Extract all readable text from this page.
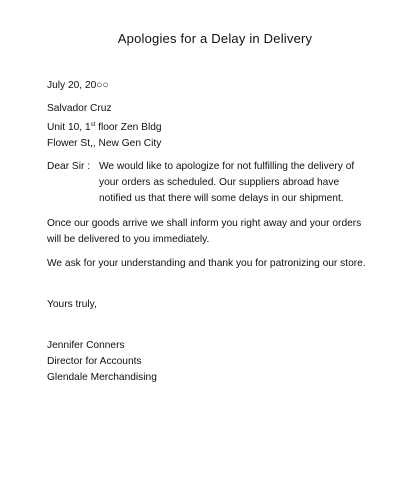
Apologies for a Delay in Delivery
July 20, 20○○
Salvador Cruz
Unit 10, 1st floor Zen Bldg
Flower St,, New Gen City
Dear Sir : We would like to apologize for not fulfilling the delivery of
your orders as scheduled. Our suppliers abroad have
notified us that there will some delays in our shipment.
Once our goods arrive we shall inform you right away and your orders
will be delivered to you immediately.
We ask for your understanding and thank you for patronizing our store.
Yours truly,
Jennifer Conners
Director for Accounts
Glendale Merchandising
